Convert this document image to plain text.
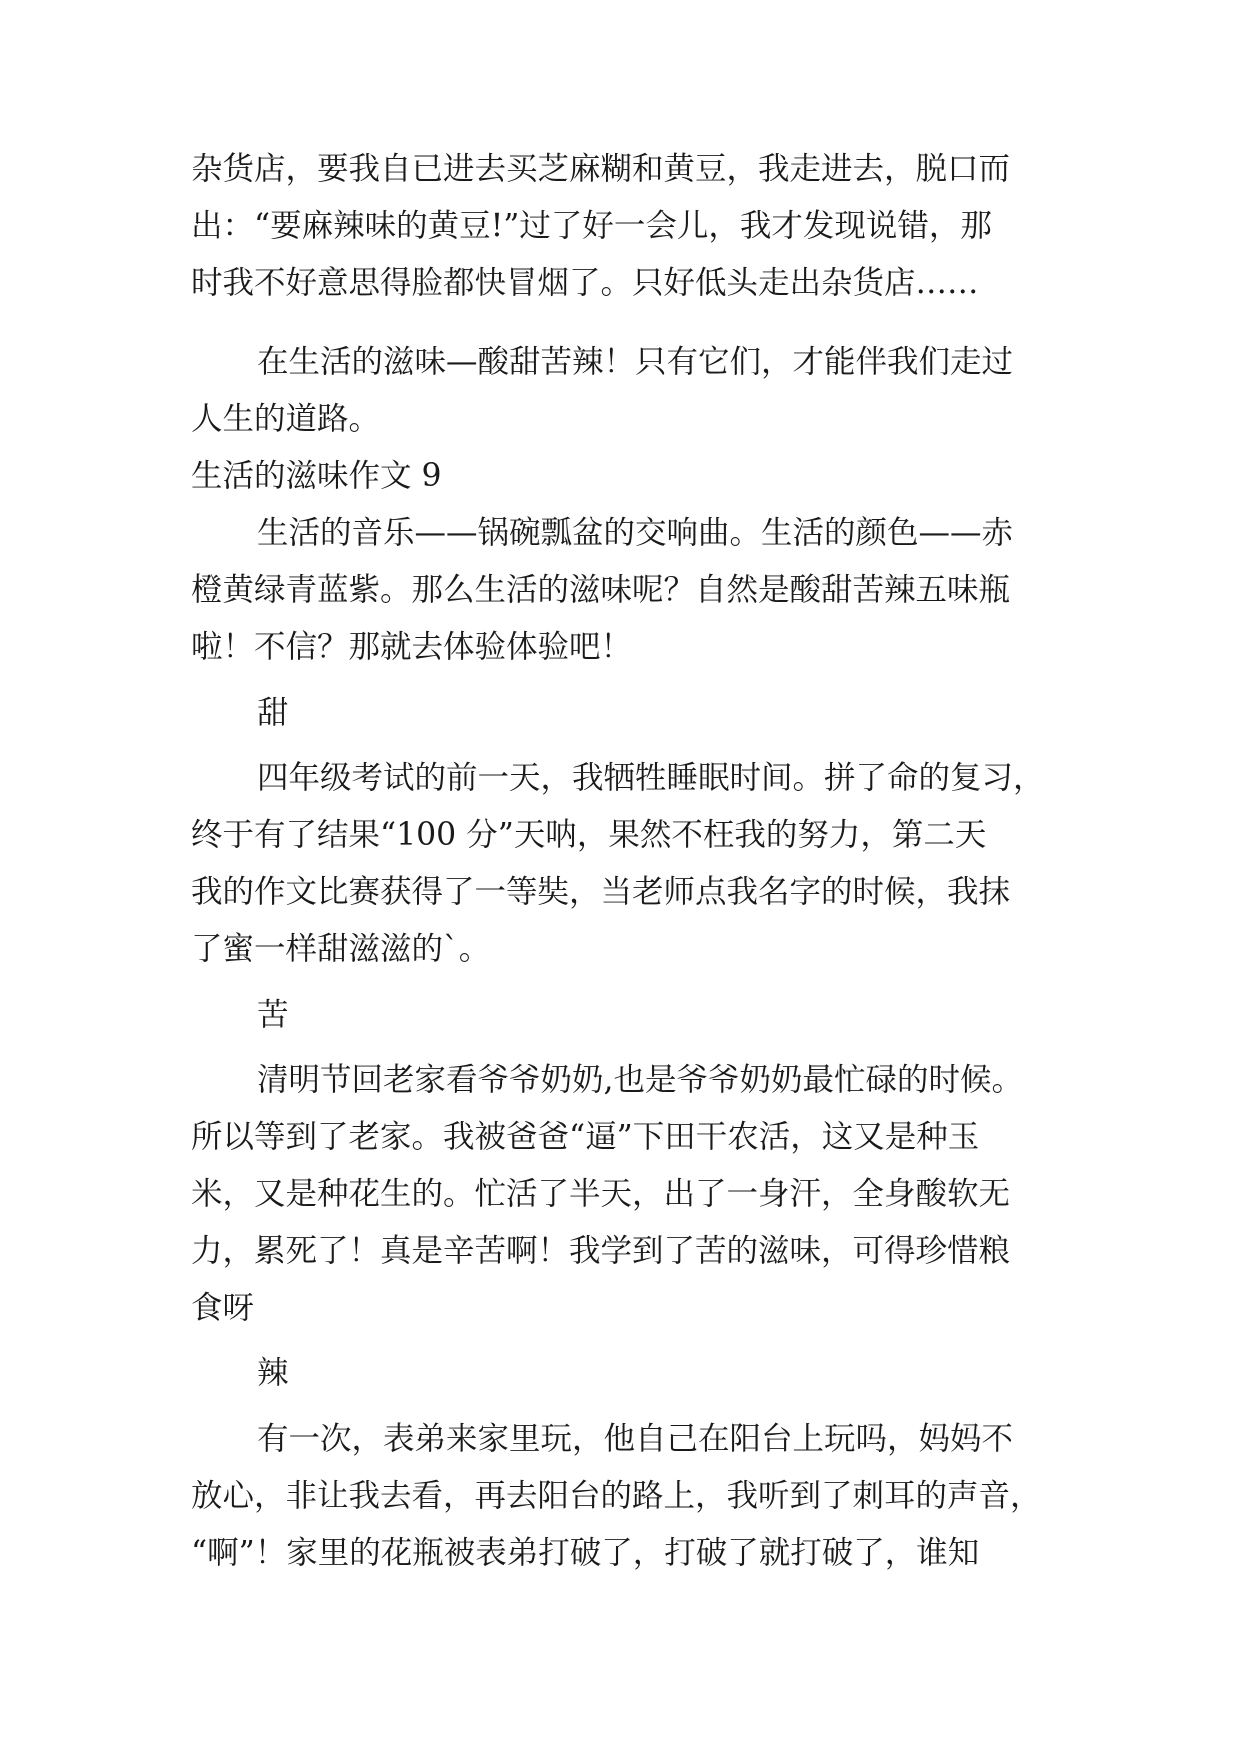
杂货店，要我自已进去买芝麻糊和黄豆，我走进去，脱口而

出：“要麻辣味的黄豆!”过了好一会儿，我才发现说错，那

时我不好意思得脸都快冒烟了。只好低头走出杂货店……

在生活的滋味—酸甜苦辣！只有它们，才能伴我们走过

人生的道路。

生活的滋味作文 9

生活的音乐——锅碗瓢盆的交响曲。生活的颜色——赤

橙黄绿青蓝紫。那么生活的滋味呢？自然是酸甜苦辣五味瓶

啦！不信？那就去体验体验吧！

甜

四年级考试的前一天，我牺牲睡眠时间。拼了命的复习，

终于有了结果“100 分”天呐，果然不枉我的努力，第二天

我的作文比赛获得了一等奘，当老师点我名字的时候，我抹

了蜜一样甜滋滋的`。

苦

清明节回老家看爷爷奶奶,也是爷爷奶奶最忙碌的时候。

所以等到了老家。我被爸爸“逼”下田干农活，这又是种玉

米，又是种花生的。忙活了半天，出了一身汗，全身酸软无

力，累死了！真是辛苦啊！我学到了苦的滋味，可得珍惜粮

食呀

辣

有一次，表弟来家里玩，他自己在阳台上玩吗，妈妈不

放心，非让我去看，再去阳台的路上，我听到了刺耳的声音，

“啊”！家里的花瓶被表弟打破了，打破了就打破了，谁知
